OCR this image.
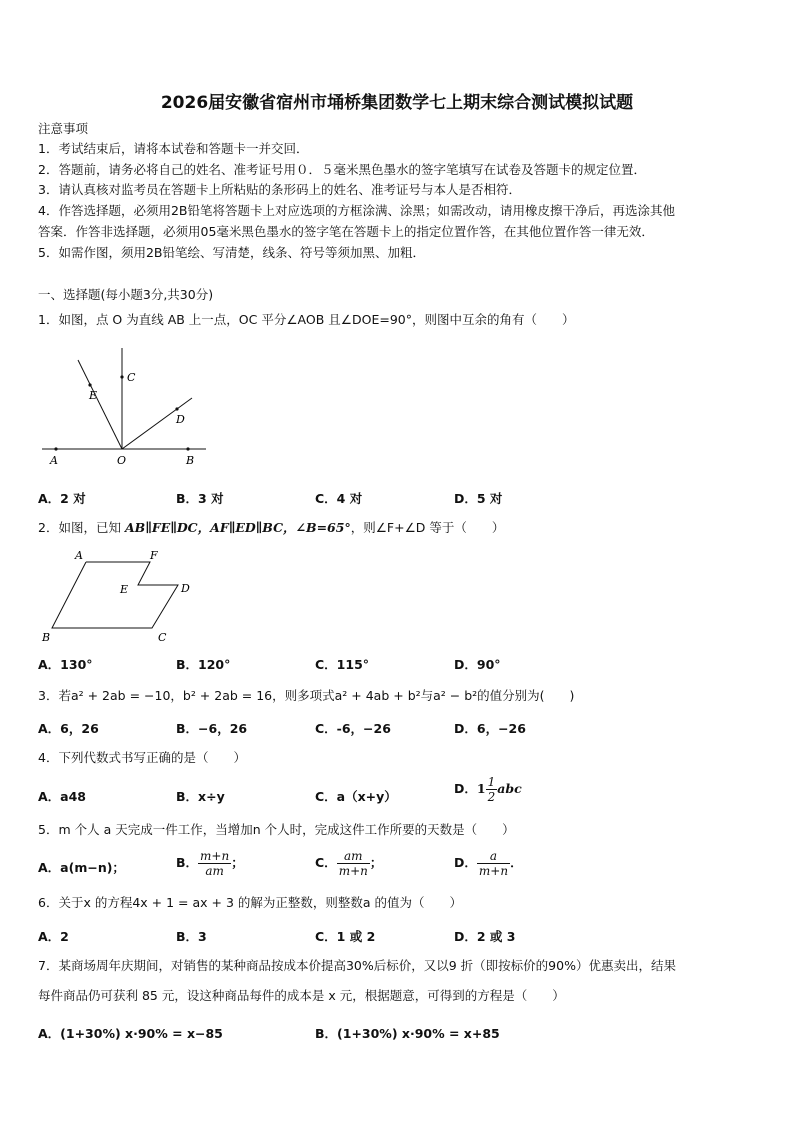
2026届安徽省宿州市埇桥集团数学七上期末综合测试模拟试题
注意事项
1．考试结束后，请将本试卷和答题卡一并交回．
2．答题前，请务必将自己的姓名、准考证号用０．５毫米黑色墨水的签字笔填写在试卷及答题卡的规定位置．
3．请认真核对监考员在答题卡上所粘贴的条形码上的姓名、准考证号与本人是否相符．
4．作答选择题，必须用2B铅笔将答题卡上对应选项的方框涂满、涂黑；如需改动，请用橡皮擦干净后，再选涂其他
答案．作答非选择题，必须用05毫米黑色墨水的签字笔在答题卡上的指定位置作答，在其他位置作答一律无效．
5．如需作图，须用2B铅笔绘、写清楚，线条、符号等须加黑、加粗．
一、选择题(每小题3分,共30分)
1．如图，点 O 为直线 AB 上一点，OC 平分∠AOB 且∠DOE=90°，则图中互余的角有（　　）
A	O	B
C
D
E
A．2 对	B．3 对	C．4 对	D．5 对
2．如图，已知 AB∥FE∥DC，AF∥ED∥BC，∠B=65°，则∠F+∠D 等于（　　）
A	F
E	D
B	C
A．130°	B．120°	C．115°	D．90°
3．若a² + 2ab = −10，b² + 2ab = 16，则多项式a² + 4ab + b²与a² − b²的值分别为(　　)
A．6，26	B．−6，26	C．-6，−26	D．6，−26
4．下列代数式书写正确的是（　　）
A．a48	B．x÷y	C．a（x+y）
D．$1 \frac{1}{2}$ abc
5．m 个人 a 天完成一件工作，当增加n 个人时，完成这件工作所要的天数是（　　）
A．a(m−n)；	B． $\frac{m+n}{am}$ ；	C． $\frac{am}{m+n}$ ；	D． $\frac{a}{m+n}$ ．
6．关于x 的方程4x + 1 = ax + 3 的解为正整数，则整数a 的值为（　　）
A．2	B．3	C．1 或 2	D．2 或 3
7．某商场周年庆期间，对销售的某种商品按成本价提高30%后标价，又以9 折（即按标价的90%）优惠卖出，结果
每件商品仍可获利 85 元，设这种商品每件的成本是 x 元，根据题意，可得到的方程是（　　）
A．(1+30%) x·90% = x−85	B．(1+30%) x·90% = x+85
